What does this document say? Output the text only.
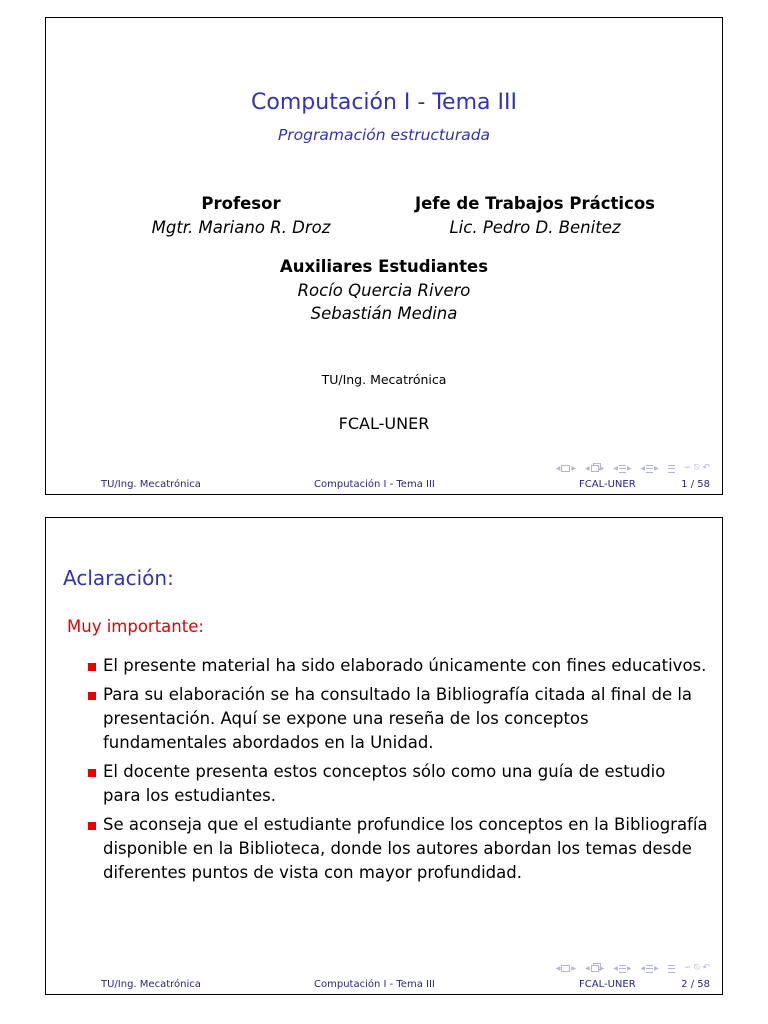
Computación I - Tema III
Programación estructurada
Profesor
Mgtr. Mariano R. Droz
Jefe de Trabajos Prácticos
Lic. Pedro D. Benitez
Auxiliares Estudiantes
Rocío Quercia Rivero
Sebastián Medina
TU/Ing. Mecatrónica
FCAL-UNER
◀ ▶ ◀ ▶ ◀ ▶ ◀ ▶	∽ ⍉ ↶
TU/Ing. Mecatrónica	Computación I - Tema III	FCAL-UNER	1 / 58
Aclaración:
Muy importante:
El presente material ha sido elaborado únicamente con fines educativos.
Para su elaboración se ha consultado la Bibliografía citada al final de la presentación. Aquí se expone una reseña de los conceptos fundamentales abordados en la Unidad.
El docente presenta estos conceptos sólo como una guía de estudio para los estudiantes.
Se aconseja que el estudiante profundice los conceptos en la Bibliografía disponible en la Biblioteca, donde los autores abordan los temas desde diferentes puntos de vista con mayor profundidad.
◀ ▶ ◀ ▶ ◀ ▶ ◀ ▶	∽ ⍉ ↶
TU/Ing. Mecatrónica	Computación I - Tema III	FCAL-UNER	2 / 58
